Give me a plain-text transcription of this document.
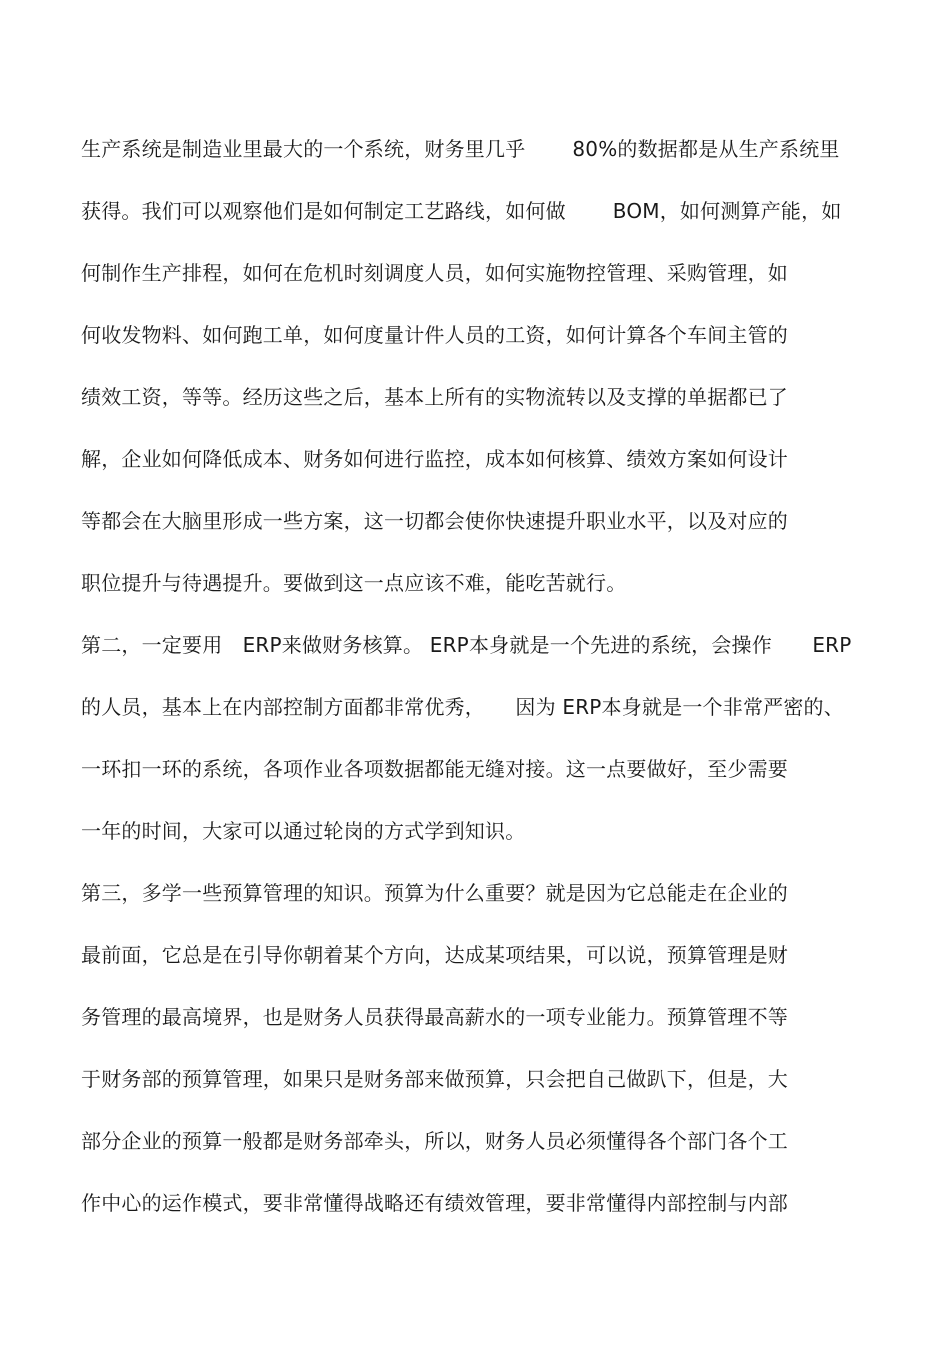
生产系统是制造业里最大的一个系统，财务里几乎　　 80%的数据都是从生产系统里
获得。我们可以观察他们是如何制定工艺路线，如何做　　 BOM，如何测算产能，如
何制作生产排程，如何在危机时刻调度人员，如何实施物控管理、采购管理，如
何收发物料、如何跑工单，如何度量计件人员的工资，如何计算各个车间主管的
绩效工资，等等。经历这些之后，基本上所有的实物流转以及支撑的单据都已了
解，企业如何降低成本、财务如何进行监控，成本如何核算、绩效方案如何设计
等都会在大脑里形成一些方案，这一切都会使你快速提升职业水平，以及对应的
职位提升与待遇提升。要做到这一点应该不难，能吃苦就行。
第二，一定要用　ERP来做财务核算。 ERP本身就是一个先进的系统，会操作　　ERP
的人员，基本上在内部控制方面都非常优秀，　　因为 ERP本身就是一个非常严密的、
一环扣一环的系统，各项作业各项数据都能无缝对接。这一点要做好，至少需要
一年的时间，大家可以通过轮岗的方式学到知识。
第三，多学一些预算管理的知识。预算为什么重要？就是因为它总能走在企业的
最前面，它总是在引导你朝着某个方向，达成某项结果，可以说，预算管理是财
务管理的最高境界，也是财务人员获得最高薪水的一项专业能力。预算管理不等
于财务部的预算管理，如果只是财务部来做预算，只会把自己做趴下，但是，大
部分企业的预算一般都是财务部牵头，所以，财务人员必须懂得各个部门各个工
作中心的运作模式，要非常懂得战略还有绩效管理，要非常懂得内部控制与内部
